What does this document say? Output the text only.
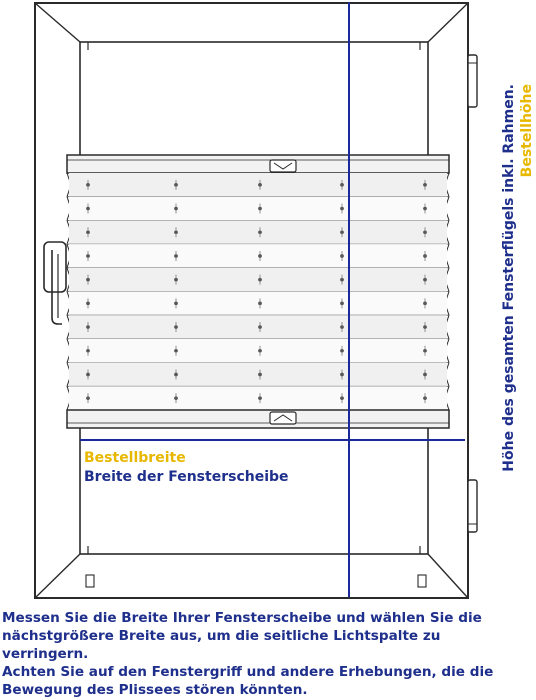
Bestellbreite

Breite der Fensterscheibe

Höhe des gesamten Fensterflügels inkl. Rahmen. Bestellhöhe

Messen Sie die Breite Ihrer Fensterscheibe und wählen Sie die nächstgrößere Breite aus, um die seitliche Lichtspalte zu verringern.

Achten Sie auf den Fenstergriff und andere Erhebungen, die die Bewegung des Plissees stören könnten.
